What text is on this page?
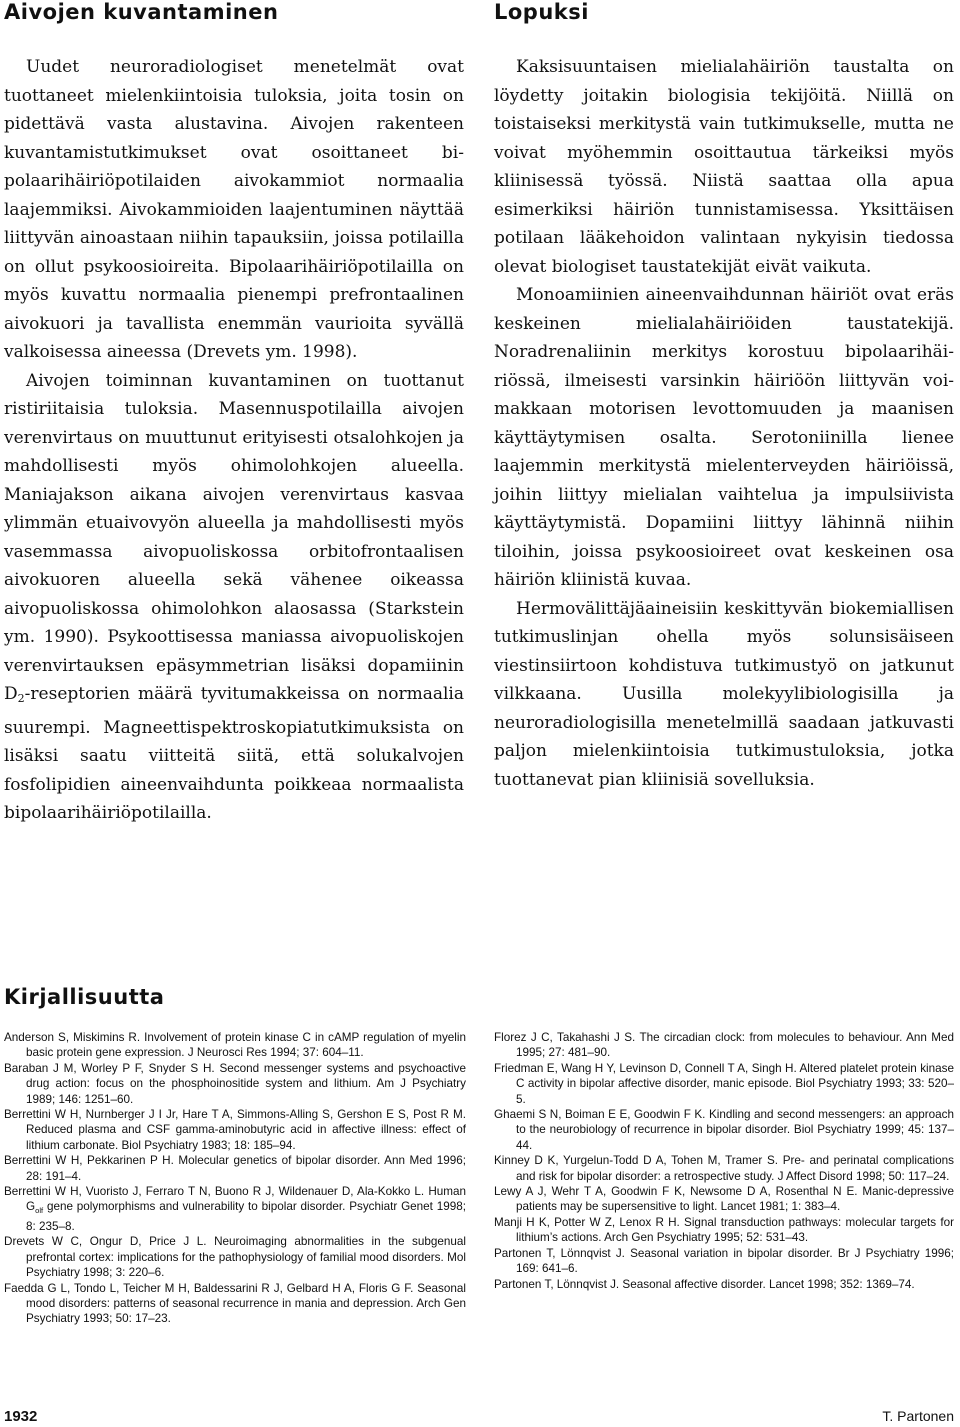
Aivojen kuvantaminen

Uudet neuroradiologiset menetelmät ovat tuottaneet mielenkiintoisia tuloksia, joita tosin on pidettävä vasta alustavina. Aivojen rakenteen kuvantamistutkimukset ovat osoittaneet bipolaarihäiriöpotilaiden aivokammiot normaalia laajemmiksi. Aivokammioiden laajentuminen näyttää liittyvän ainoastaan niihin tapauksiin, joissa potilailla on ollut psykoosioireita. Bipolaarihäiriöpotilailla on myös kuvattu normaalia pienempi prefrontaalinen aivokuori ja tavallista enemmän vaurioita syvällä valkoisessa aineessa (Drevets ym. 1998).

Aivojen toiminnan kuvantaminen on tuottanut ristiriitaisia tuloksia. Masennuspotilailla aivojen verenvirtaus on muuttunut erityisesti otsalohkojen ja mahdollisesti myös ohimolohkojen alueella. Maniajakson aikana aivojen verenvirtaus kasvaa ylimmän etuaivovyön alueella ja mahdollisesti myös vasemmassa aivopuoliskossa orbitofrontaalisen aivokuoren alueella sekä vähenee oikeassa aivopuoliskossa ohimolohkon alaosassa (Starkstein ym. 1990). Psykoottisessa maniassa aivopuoliskojen verenvirtauksen epäsymmetrian lisäksi dopamiinin $D_2$-reseptorien määrä tyvitumakkeissa on normaalia suurempi. Magneettispektroskopiatutkimuksista on lisäksi saatu viitteitä siitä, että solukalvojen fosfolipidien aineenvaihdunta poikkeaa normaalista bipolaarihäiriöpotilailla.

Lopuksi

Kaksisuuntaisen mielialahäiriön taustalta on löydetty joitakin biologisia tekijöitä. Niillä on toistaiseksi merkitystä vain tutkimukselle, mutta ne voivat myöhemmin osoittautua tärkeiksi myös kliinisessä työssä. Niistä saattaa olla apua esimerkiksi häiriön tunnistamisessa. Yksittäisen potilaan lääkehoidon valintaan nykyisin tiedossa olevat biologiset taustatekijät eivät vaikuta.

Monoamiinien aineenvaihdunnan häiriöt ovat eräs keskeinen mielialahäiriöiden taustatekijä. Noradrenaliinin merkitys korostuu bipolaarihäiriössä, ilmeisesti varsinkin häiriöön liittyvän voimakkaan motorisen levottomuuden ja maanisen käyttäytymisen osalta. Serotoniinilla lienee laajemmin merkitystä mielenterveyden häiriöissä, joihin liittyy mielialan vaihtelua ja impulsiivista käyttäytymistä. Dopamiini liittyy lähinnä niihin tiloihin, joissa psykoosioireet ovat keskeinen osa häiriön kliinistä kuvaa.

Hermovälittäjäaineisiin keskittyvän biokemiallisen tutkimuslinjan ohella myös solunsisäiseen viestinsiirtoon kohdistuva tutkimustyö on jatkunut vilkkaana. Uusilla molekyylibiologisilla ja neuroradiologisilla menetelmillä saadaan jatkuvasti paljon mielenkiintoisia tutkimustuloksia, jotka tuottanevat pian kliinisiä sovelluksia.

Kirjallisuutta

Anderson S, Miskimins R. Involvement of protein kinase C in cAMP regulation of myelin basic protein gene expression. J Neurosci Res 1994; 37: 604–11.

Baraban J M, Worley P F, Snyder S H. Second messenger systems and psychoactive drug action: focus on the phosphoinositide system and lithium. Am J Psychiatry 1989; 146: 1251–60.

Berrettini W H, Nurnberger J I Jr, Hare T A, Simmons-Alling S, Gershon E S, Post R M. Reduced plasma and CSF gamma-aminobutyric acid in affective illness: effect of lithium carbonate. Biol Psychiatry 1983; 18: 185–94.

Berrettini W H, Pekkarinen P H. Molecular genetics of bipolar disorder. Ann Med 1996; 28: 191–4.

Berrettini W H, Vuoristo J, Ferraro T N, Buono R J, Wildenauer D, Ala-Kokko L. Human $G_{olf}$ gene polymorphisms and vulnerability to bipolar disorder. Psychiatr Genet 1998; 8: 235–8.

Drevets W C, Ongur D, Price J L. Neuroimaging abnormalities in the subgenual prefrontal cortex: implications for the pathophysiology of familial mood disorders. Mol Psychiatry 1998; 3: 220–6.

Faedda G L, Tondo L, Teicher M H, Baldessarini R J, Gelbard H A, Floris G F. Seasonal mood disorders: patterns of seasonal recurrence in mania and depression. Arch Gen Psychiatry 1993; 50: 17–23.

Florez J C, Takahashi J S. The circadian clock: from molecules to behaviour. Ann Med 1995; 27: 481–90.

Friedman E, Wang H Y, Levinson D, Connell T A, Singh H. Altered platelet protein kinase C activity in bipolar affective disorder, manic episode. Biol Psychiatry 1993; 33: 520–5.

Ghaemi S N, Boiman E E, Goodwin F K. Kindling and second messengers: an approach to the neurobiology of recurrence in bipolar disorder. Biol Psychiatry 1999; 45: 137–44.

Kinney D K, Yurgelun-Todd D A, Tohen M, Tramer S. Pre- and perinatal complications and risk for bipolar disorder: a retrospective study. J Affect Disord 1998; 50: 117–24.

Lewy A J, Wehr T A, Goodwin F K, Newsome D A, Rosenthal N E. Manic-depressive patients may be supersensitive to light. Lancet 1981; 1: 383–4.

Manji H K, Potter W Z, Lenox R H. Signal transduction pathways: molecular targets for lithium’s actions. Arch Gen Psychiatry 1995; 52: 531–43.

Partonen T, Lönnqvist J. Seasonal variation in bipolar disorder. Br J Psychiatry 1996; 169: 641–6.

Partonen T, Lönnqvist J. Seasonal affective disorder. Lancet 1998; 352: 1369–74.

1932	T. Partonen
